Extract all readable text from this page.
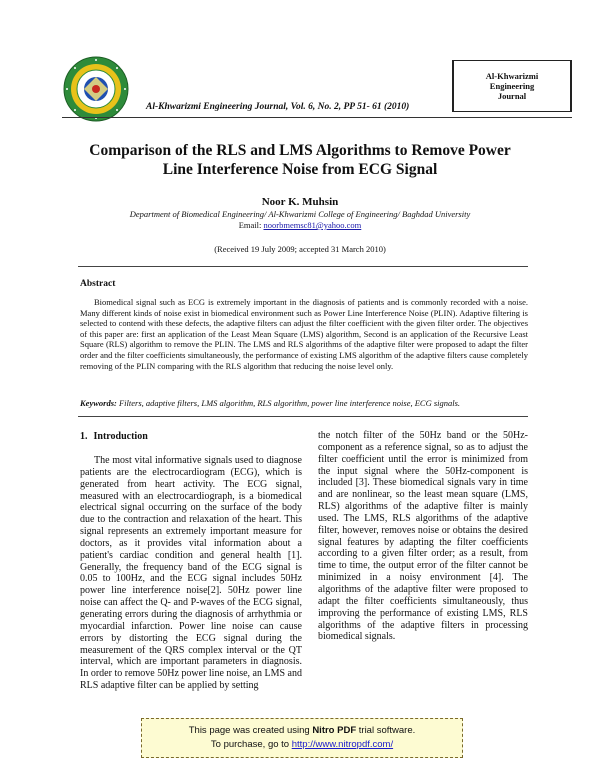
Al-Khwarizmi
Engineering
Journal
Al-Khwarizmi Engineering Journal, Vol. 6, No. 2, PP 51- 61 (2010)
Comparison of the RLS and LMS Algorithms to Remove Power Line Interference Noise from ECG Signal
Noor K. Muhsin
Department of Biomedical Engineering/ Al-Khwarizmi College of Engineering/ Baghdad University
Email: noorbmemsc81@yahoo.com
(Received 19 July 2009; accepted 31 March 2010)
Abstract
Biomedical signal such as ECG is extremely important in the diagnosis of patients and is commonly recorded with a noise. Many different kinds of noise exist in biomedical environment such as Power Line Interference Noise (PLIN). Adaptive filtering is selected to contend with these defects, the adaptive filters can adjust the filter coefficient with the given filter order. The objectives of this paper are: first an application of the Least Mean Square (LMS) algorithm, Second is an application of the Recursive Least Square (RLS) algorithm to remove the PLIN. The LMS and RLS algorithms of the adaptive filter were proposed to adapt the filter order and the filter coefficients simultaneously, the performance of existing LMS algorithm of the adaptive filters cause completely removing of the PLIN comparing with the RLS algorithm that reducing the noise level only.
Keywords: Filters, adaptive filters, LMS algorithm, RLS algorithm, power line interference noise, ECG signals.
1. Introduction
The most vital informative signals used to diagnose patients are the electrocardiogram (ECG), which is generated from heart activity. The ECG signal, measured with an electrocardiograph, is a biomedical electrical signal occurring on the surface of the body due to the contraction and relaxation of the heart. This signal represents an extremely important measure for doctors, as it provides vital information about a patient's cardiac condition and general health [1]. Generally, the frequency band of the ECG signal is 0.05 to 100Hz, and the ECG signal includes 50Hz power line interference noise[2]. 50Hz power line noise can affect the Q- and P-waves of the ECG signal, generating errors during the diagnosis of arrhythmia or myocardial infarction. Power line noise can cause errors by distorting the ECG signal during the measurement of the QRS complex interval or the QT interval, which are important parameters in diagnosis. In order to remove 50Hz power line noise, an LMS and RLS adaptive filter can be applied by setting
the notch filter of the 50Hz band or the 50Hz-component as a reference signal, so as to adjust the filter coefficient until the error is minimized from the input signal where the 50Hz-component is included [3]. These biomedical signals vary in time and are nonlinear, so the least mean square (LMS, RLS) algorithms of the adaptive filter is mainly used. The LMS, RLS algorithms of the adaptive filter, however, removes noise or obtains the desired signal features by adapting the filter coefficients according to a given filter order; as a result, from time to time, the output error of the filter cannot be minimized in a noisy environment [4]. The algorithms of the adaptive filter were proposed to adapt the filter coefficients simultaneously, thus improving the performance of existing LMS, RLS algorithms of the adaptive filters in processing biomedical signals.
This page was created using Nitro PDF trial software.
To purchase, go to http://www.nitropdf.com/
